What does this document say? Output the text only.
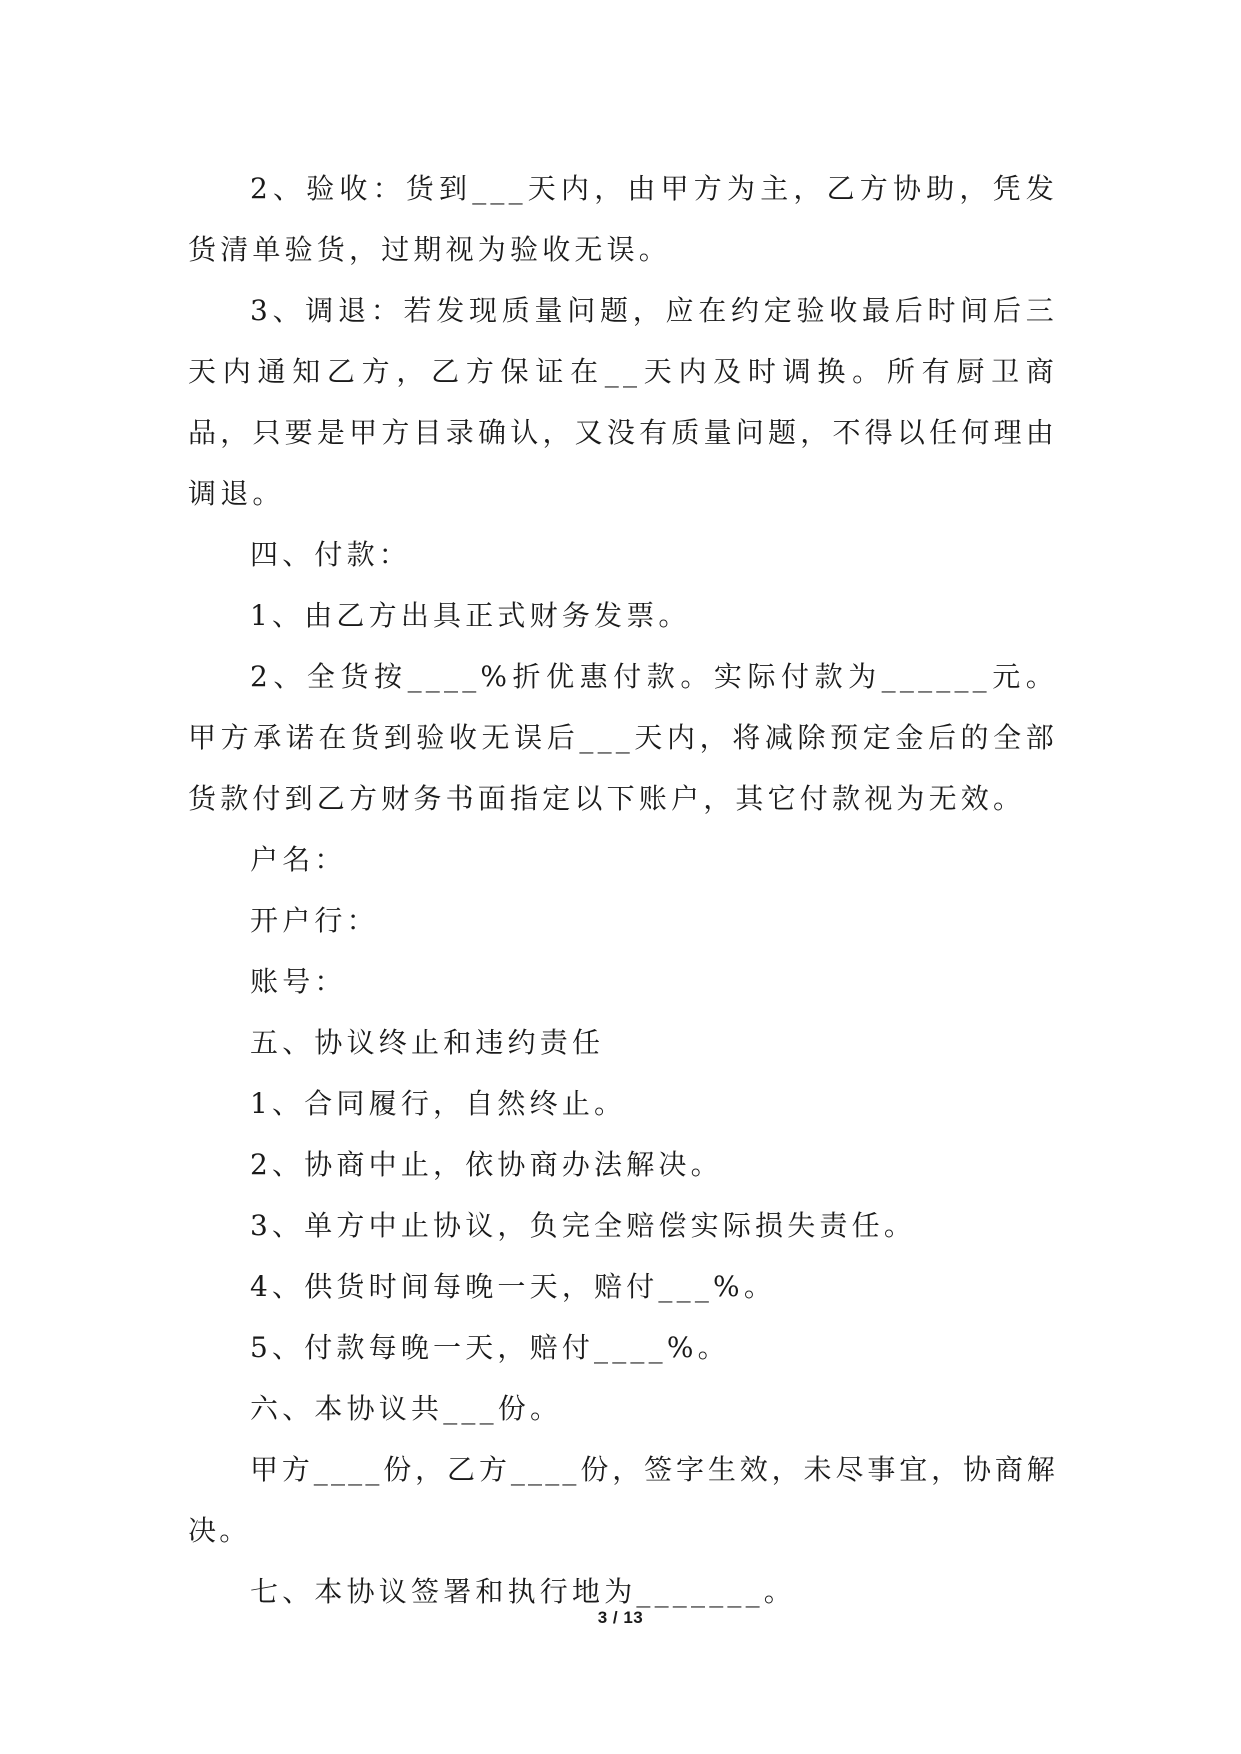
2、验收：货到___天内，由甲方为主，乙方协助，凭发货清单验货，过期视为验收无误。

3、调退：若发现质量问题，应在约定验收最后时间后三天内通知乙方，乙方保证在__天内及时调换。所有厨卫商品，只要是甲方目录确认，又没有质量问题，不得以任何理由调退。

四、付款：

1、由乙方出具正式财务发票。

2、全货按____%折优惠付款。实际付款为______元。甲方承诺在货到验收无误后___天内，将减除预定金后的全部货款付到乙方财务书面指定以下账户，其它付款视为无效。

户名：

开户行：

账号：

五、协议终止和违约责任

1、合同履行，自然终止。

2、协商中止，依协商办法解决。

3、单方中止协议，负完全赔偿实际损失责任。

4、供货时间每晚一天，赔付___%。

5、付款每晚一天，赔付____%。

六、本协议共___份。

甲方____份，乙方____份，签字生效，未尽事宜，协商解决。

七、本协议签署和执行地为_______。

3 / 13
